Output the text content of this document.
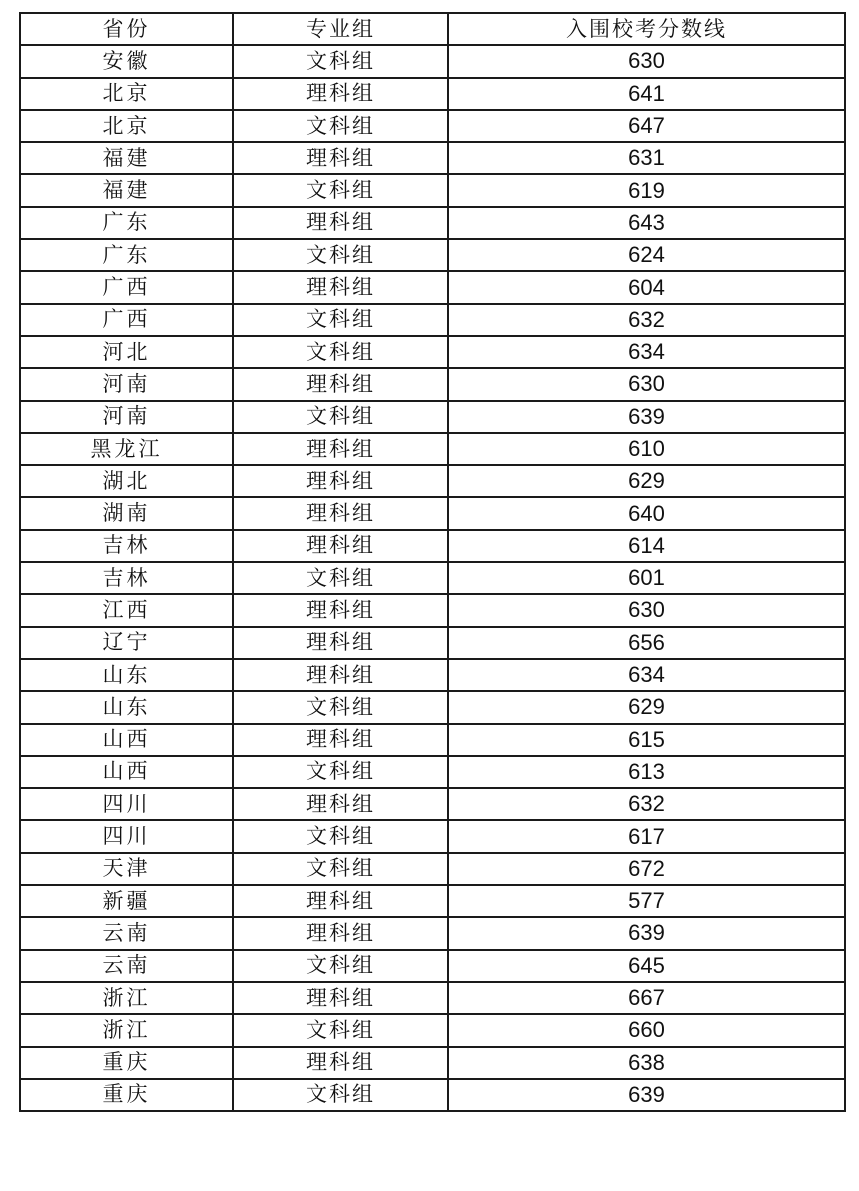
省份	专业组	入围校考分数线
安徽	文科组	630
北京	理科组	641
北京	文科组	647
福建	理科组	631
福建	文科组	619
广东	理科组	643
广东	文科组	624
广西	理科组	604
广西	文科组	632
河北	文科组	634
河南	理科组	630
河南	文科组	639
黑龙江	理科组	610
湖北	理科组	629
湖南	理科组	640
吉林	理科组	614
吉林	文科组	601
江西	理科组	630
辽宁	理科组	656
山东	理科组	634
山东	文科组	629
山西	理科组	615
山西	文科组	613
四川	理科组	632
四川	文科组	617
天津	文科组	672
新疆	理科组	577
云南	理科组	639
云南	文科组	645
浙江	理科组	667
浙江	文科组	660
重庆	理科组	638
重庆	文科组	639
